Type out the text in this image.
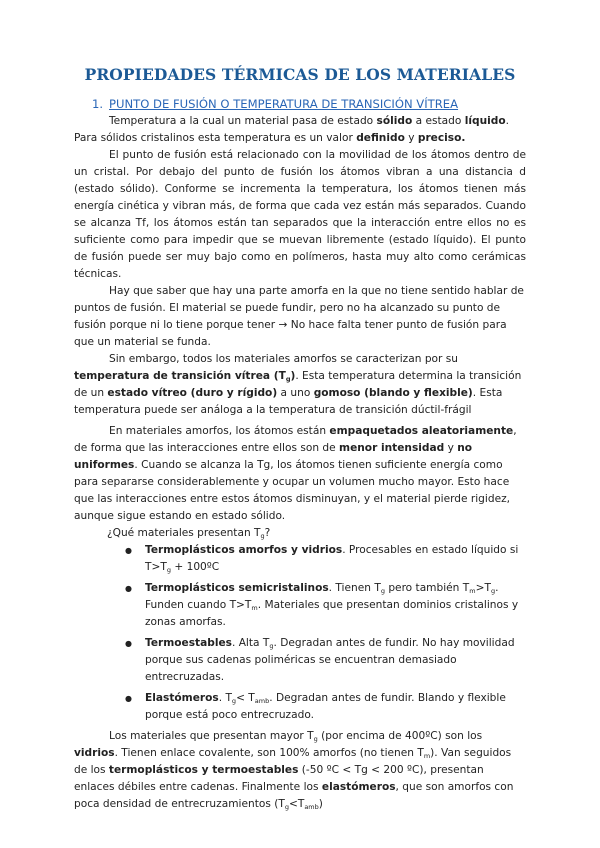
PROPIEDADES TÉRMICAS DE LOS MATERIALES
1. PUNTO DE FUSIÓN O TEMPERATURA DE TRANSICIÓN VÍTREA

Temperatura a la cual un material pasa de estado sólido a estado líquido. Para sólidos cristalinos esta temperatura es un valor definido y preciso.

El punto de fusión está relacionado con la movilidad de los átomos dentro de un cristal. Por debajo del punto de fusión los átomos vibran a una distancia d (estado sólido). Conforme se incrementa la temperatura, los átomos tienen más energía cinética y vibran más, de forma que cada vez están más separados. Cuando se alcanza Tf, los átomos están tan separados que la interacción entre ellos no es suficiente como para impedir que se muevan libremente (estado líquido). El punto de fusión puede ser muy bajo como en polímeros, hasta muy alto como cerámicas técnicas.

Hay que saber que hay una parte amorfa en la que no tiene sentido hablar de puntos de fusión. El material se puede fundir, pero no ha alcanzado su punto de fusión porque ni lo tiene porque tener → No hace falta tener punto de fusión para que un material se funda.

Sin embargo, todos los materiales amorfos se caracterizan por su temperatura de transición vítrea $(T_g)$. Esta temperatura determina la transición de un estado vítreo (duro y rígido) a uno gomoso (blando y flexible). Esta temperatura puede ser análoga a la temperatura de transición dúctil-frágil

En materiales amorfos, los átomos están empaquetados aleatoriamente, de forma que las interacciones entre ellos son de menor intensidad y no uniformes. Cuando se alcanza la Tg, los átomos tienen suficiente energía como para separarse considerablemente y ocupar un volumen mucho mayor. Esto hace que las interacciones entre estos átomos disminuyan, y el material pierde rigidez, aunque sigue estando en estado sólido.

¿Qué materiales presentan $T_g$?

● Termoplásticos amorfos y vidrios. Procesables en estado líquido si $T>T_g$ + 100ºC
● Termoplásticos semicristalinos. Tienen $T_g$ pero también $T_m>T_g$. Funden cuando $T>T_m$. Materiales que presentan dominios cristalinos y zonas amorfas.
● Termoestables. Alta $T_g$. Degradan antes de fundir. No hay movilidad porque sus cadenas poliméricas se encuentran demasiado entrecruzadas.
● Elastómeros. $T_g< T_{amb}$. Degradan antes de fundir. Blando y flexible porque está poco entrecruzado.

Los materiales que presentan mayor $T_g$ (por encima de 400ºC) son los vidrios. Tienen enlace covalente, son 100% amorfos (no tienen $T_m$). Van seguidos de los termoplásticos y termoestables (-50 ºC < Tg < 200 ºC), presentan enlaces débiles entre cadenas. Finalmente los elastómeros, que son amorfos con poca densidad de entrecruzamientos $(T_g<T_{amb})$
